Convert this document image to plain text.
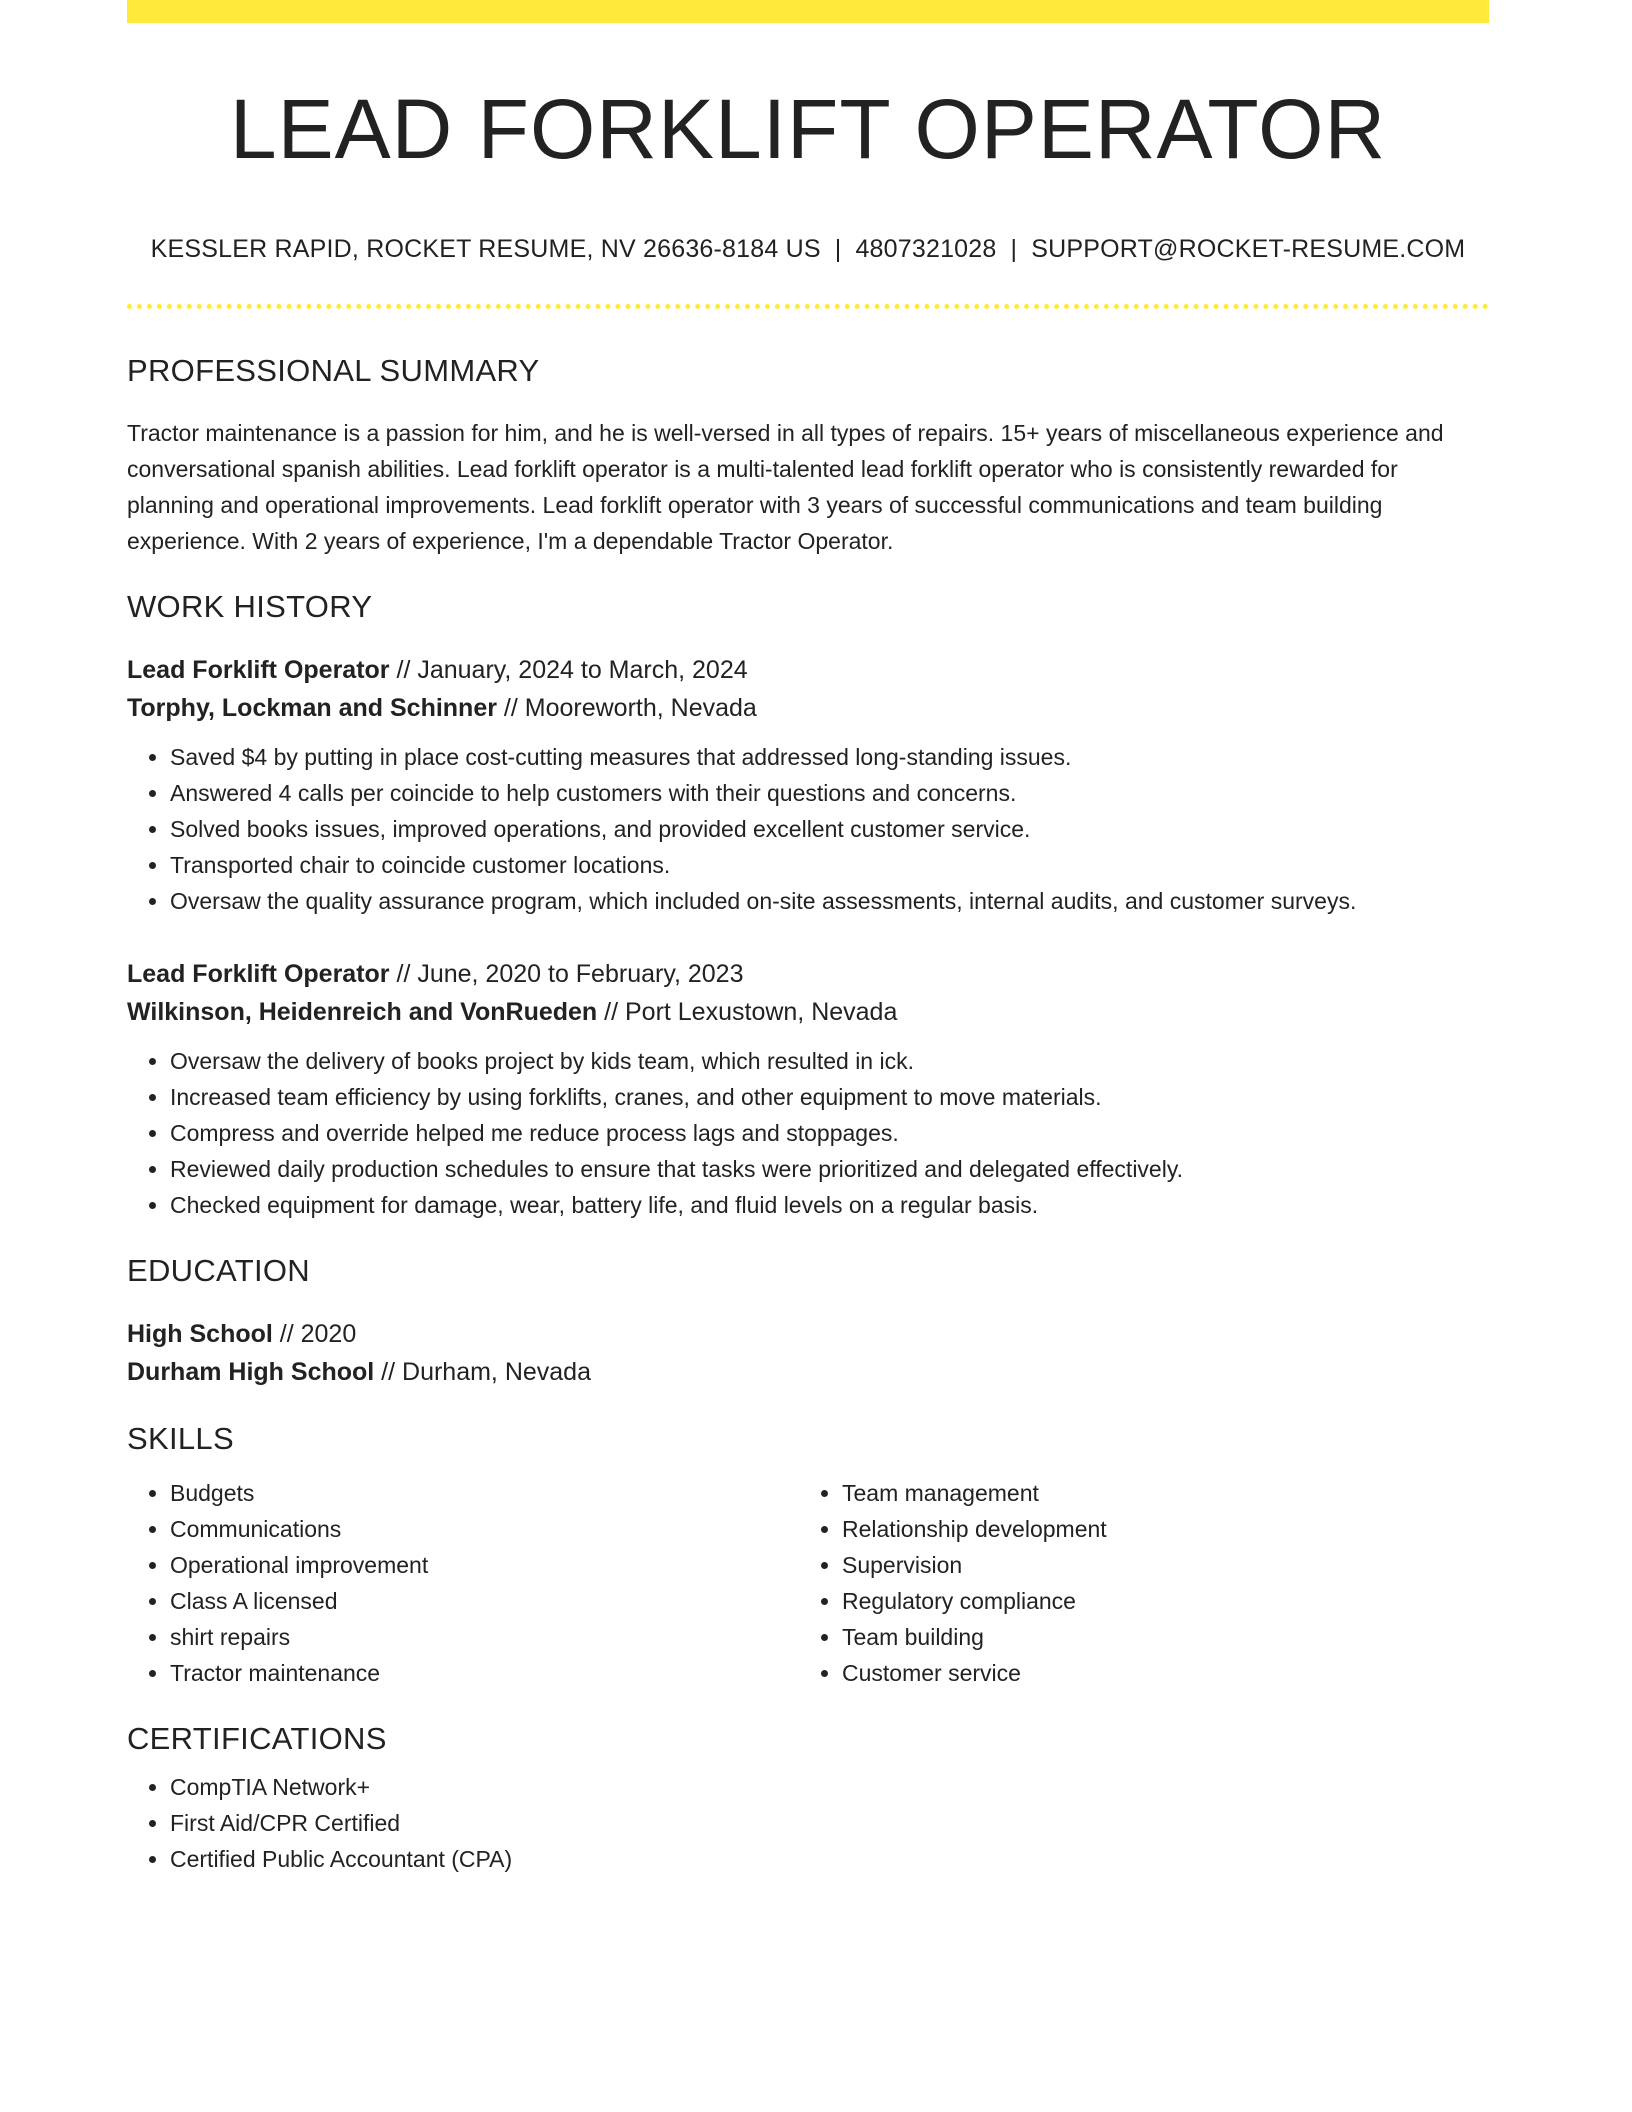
LEAD FORKLIFT OPERATOR
KESSLER RAPID, ROCKET RESUME, NV 26636-8184 US | 4807321028 | SUPPORT@ROCKET-RESUME.COM
PROFESSIONAL SUMMARY

Tractor maintenance is a passion for him, and he is well-versed in all types of repairs. 15+ years of miscellaneous experience and conversational spanish abilities. Lead forklift operator is a multi-talented lead forklift operator who is consistently rewarded for planning and operational improvements. Lead forklift operator with 3 years of successful communications and team building experience. With 2 years of experience, I'm a dependable Tractor Operator.

WORK HISTORY
Lead Forklift Operator // January, 2024 to March, 2024
Torphy, Lockman and Schinner // Mooreworth, Nevada
• Saved $4 by putting in place cost-cutting measures that addressed long-standing issues.
• Answered 4 calls per coincide to help customers with their questions and concerns.
• Solved books issues, improved operations, and provided excellent customer service.
• Transported chair to coincide customer locations.
• Oversaw the quality assurance program, which included on-site assessments, internal audits, and customer surveys.
Lead Forklift Operator // June, 2020 to February, 2023
Wilkinson, Heidenreich and VonRueden // Port Lexustown, Nevada
• Oversaw the delivery of books project by kids team, which resulted in ick.
• Increased team efficiency by using forklifts, cranes, and other equipment to move materials.
• Compress and override helped me reduce process lags and stoppages.
• Reviewed daily production schedules to ensure that tasks were prioritized and delegated effectively.
• Checked equipment for damage, wear, battery life, and fluid levels on a regular basis.
EDUCATION
High School // 2020
Durham High School // Durham, Nevada
SKILLS
• Budgets
• Communications
• Operational improvement
• Class A licensed
• shirt repairs
• Tractor maintenance
• Team management
• Relationship development
• Supervision
• Regulatory compliance
• Team building
• Customer service
CERTIFICATIONS
• CompTIA Network+
• First Aid/CPR Certified
• Certified Public Accountant (CPA)
